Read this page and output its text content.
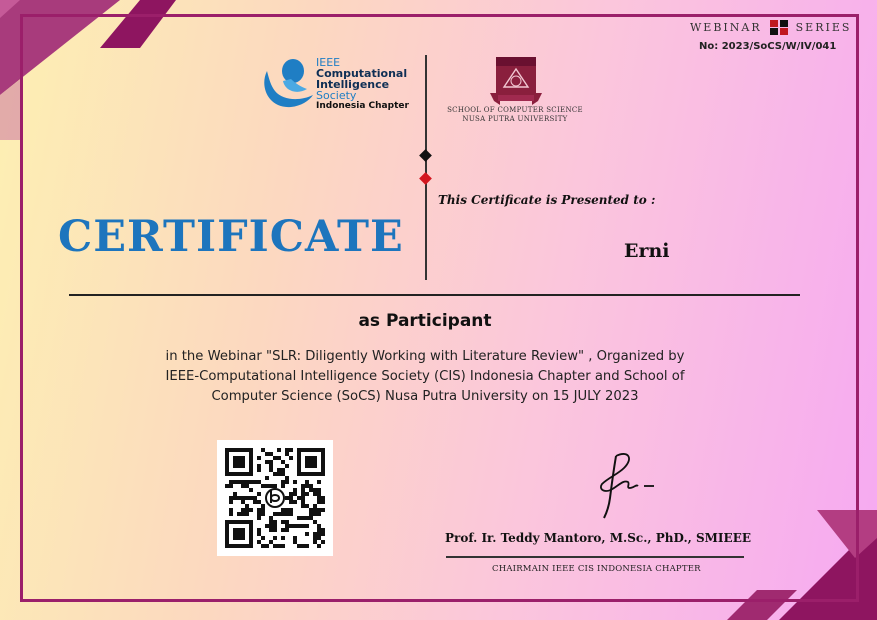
WEBINAR	SERIES
No: 2023/SoCS/W/IV/041
IEEE
Computational
Intelligence
Society
Indonesia Chapter	SCHOOL OF COMPUTER SCIENCE
NUSA PUTRA UNIVERSITY
CERTIFICATE
This Certificate is Presented to :
Erni
as Participant
in the Webinar "SLR: Diligently Working with Literature Review" , Organized by
IEEE-Computational Intelligence Society (CIS) Indonesia Chapter and School of
Computer Science (SoCS) Nusa Putra University on 15 JULY 2023
Prof. Ir. Teddy Mantoro, M.Sc., PhD., SMIEEE
CHAIRMAIN IEEE CIS INDONESIA CHAPTER
